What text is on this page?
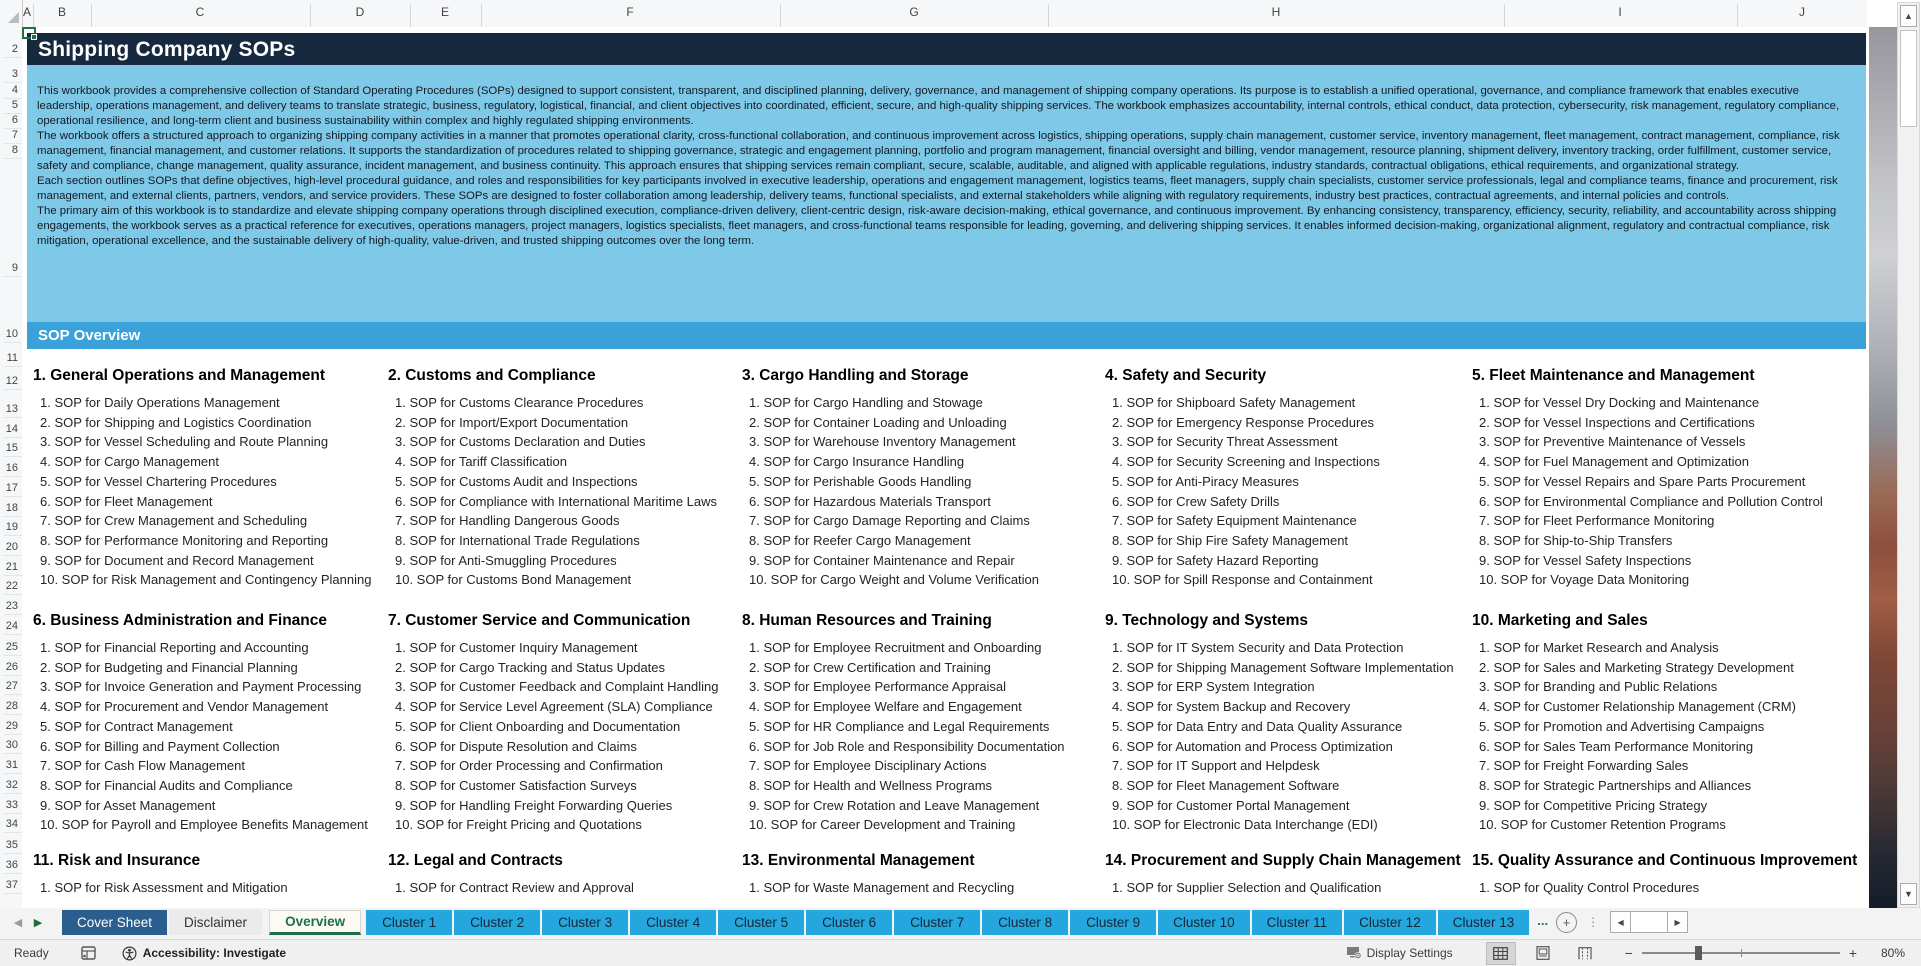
A B	C	D	E	F	G	H	I	J
2
3
4
5
6
7
8
9
10
11
12
13
14
15
16
17
18
19
20
21
22
23
24
25
26
27
28
29
30
31
32
33
34
35
36
37
Shipping Company SOPs

This workbook provides a comprehensive collection of Standard Operating Procedures (SOPs) designed to support consistent, transparent, and disciplined planning, delivery, governance, and management of shipping company operations. Its purpose is to establish a unified operational, governance, and compliance framework that enables executive leadership, operations management, and delivery teams to translate strategic, business, regulatory, logistical, financial, and client objectives into coordinated, efficient, secure, and high-quality shipping services. The workbook emphasizes accountability, internal controls, ethical conduct, data protection, cybersecurity, risk management, regulatory compliance, operational resilience, and long-term client and business sustainability within complex and highly regulated shipping environments.

The workbook offers a structured approach to organizing shipping company activities in a manner that promotes operational clarity, cross-functional collaboration, and continuous improvement across logistics, shipping operations, supply chain management, customer service, inventory management, fleet management, contract management, compliance, risk management, financial management, and customer relations. It supports the standardization of procedures related to shipping governance, strategic and engagement planning, portfolio and program management, financial oversight and billing, vendor management, resource planning, shipment delivery, inventory tracking, order fulfillment, customer service, safety and compliance, change management, quality assurance, incident management, and business continuity. This approach ensures that shipping services remain compliant, secure, scalable, auditable, and aligned with applicable regulations, industry standards, contractual obligations, ethical requirements, and organizational strategy.

Each section outlines SOPs that define objectives, high-level procedural guidance, and roles and responsibilities for key participants involved in executive leadership, operations and engagement management, logistics teams, fleet managers, supply chain specialists, customer service professionals, legal and compliance teams, finance and procurement, risk management, and external clients, partners, vendors, and service providers. These SOPs are designed to foster collaboration among leadership, delivery teams, functional specialists, and external stakeholders while aligning with regulatory requirements, industry best practices, contractual agreements, and internal policies and controls.

The primary aim of this workbook is to standardize and elevate shipping company operations through disciplined execution, compliance-driven delivery, client-centric design, risk-aware decision-making, ethical governance, and continuous improvement. By enhancing consistency, transparency, efficiency, security, reliability, and accountability across shipping engagements, the workbook serves as a practical reference for executives, operations managers, project managers, logistics specialists, fleet managers, and cross-functional teams responsible for leading, governing, and delivering shipping services. It enables informed decision-making, organizational alignment, regulatory and contractual compliance, risk mitigation, operational excellence, and the sustainable delivery of high-quality, value-driven, and trusted shipping outcomes over the long term.

SOP Overview
1. General Operations and Management
1. SOP for Daily Operations Management
2. SOP for Shipping and Logistics Coordination
3. SOP for Vessel Scheduling and Route Planning
4. SOP for Cargo Management
5. SOP for Vessel Chartering Procedures
6. SOP for Fleet Management
7. SOP for Crew Management and Scheduling
8. SOP for Performance Monitoring and Reporting
9. SOP for Document and Record Management
10. SOP for Risk Management and Contingency Planning
2. Customs and Compliance
1. SOP for Customs Clearance Procedures
2. SOP for Import/Export Documentation
3. SOP for Customs Declaration and Duties
4. SOP for Tariff Classification
5. SOP for Customs Audit and Inspections
6. SOP for Compliance with International Maritime Laws
7. SOP for Handling Dangerous Goods
8. SOP for International Trade Regulations
9. SOP for Anti-Smuggling Procedures
10. SOP for Customs Bond Management
3. Cargo Handling and Storage
1. SOP for Cargo Handling and Stowage
2. SOP for Container Loading and Unloading
3. SOP for Warehouse Inventory Management
4. SOP for Cargo Insurance Handling
5. SOP for Perishable Goods Handling
6. SOP for Hazardous Materials Transport
7. SOP for Cargo Damage Reporting and Claims
8. SOP for Reefer Cargo Management
9. SOP for Container Maintenance and Repair
10. SOP for Cargo Weight and Volume Verification
4. Safety and Security
1. SOP for Shipboard Safety Management
2. SOP for Emergency Response Procedures
3. SOP for Security Threat Assessment
4. SOP for Security Screening and Inspections
5. SOP for Anti-Piracy Measures
6. SOP for Crew Safety Drills
7. SOP for Safety Equipment Maintenance
8. SOP for Ship Fire Safety Management
9. SOP for Safety Hazard Reporting
10. SOP for Spill Response and Containment
5. Fleet Maintenance and Management
1. SOP for Vessel Dry Docking and Maintenance
2. SOP for Vessel Inspections and Certifications
3. SOP for Preventive Maintenance of Vessels
4. SOP for Fuel Management and Optimization
5. SOP for Vessel Repairs and Spare Parts Procurement
6. SOP for Environmental Compliance and Pollution Control
7. SOP for Fleet Performance Monitoring
8. SOP for Ship-to-Ship Transfers
9. SOP for Vessel Safety Inspections
10. SOP for Voyage Data Monitoring
6. Business Administration and Finance
1. SOP for Financial Reporting and Accounting
2. SOP for Budgeting and Financial Planning
3. SOP for Invoice Generation and Payment Processing
4. SOP for Procurement and Vendor Management
5. SOP for Contract Management
6. SOP for Billing and Payment Collection
7. SOP for Cash Flow Management
8. SOP for Financial Audits and Compliance
9. SOP for Asset Management
10. SOP for Payroll and Employee Benefits Management
7. Customer Service and Communication
1. SOP for Customer Inquiry Management
2. SOP for Cargo Tracking and Status Updates
3. SOP for Customer Feedback and Complaint Handling
4. SOP for Service Level Agreement (SLA) Compliance
5. SOP for Client Onboarding and Documentation
6. SOP for Dispute Resolution and Claims
7. SOP for Order Processing and Confirmation
8. SOP for Customer Satisfaction Surveys
9. SOP for Handling Freight Forwarding Queries
10. SOP for Freight Pricing and Quotations
8. Human Resources and Training
1. SOP for Employee Recruitment and Onboarding
2. SOP for Crew Certification and Training
3. SOP for Employee Performance Appraisal
4. SOP for Employee Welfare and Engagement
5. SOP for HR Compliance and Legal Requirements
6. SOP for Job Role and Responsibility Documentation
7. SOP for Employee Disciplinary Actions
8. SOP for Health and Wellness Programs
9. SOP for Crew Rotation and Leave Management
10. SOP for Career Development and Training
9. Technology and Systems
1. SOP for IT System Security and Data Protection
2. SOP for Shipping Management Software Implementation
3. SOP for ERP System Integration
4. SOP for System Backup and Recovery
5. SOP for Data Entry and Data Quality Assurance
6. SOP for Automation and Process Optimization
7. SOP for IT Support and Helpdesk
8. SOP for Fleet Management Software
9. SOP for Customer Portal Management
10. SOP for Electronic Data Interchange (EDI)
10. Marketing and Sales
1. SOP for Market Research and Analysis
2. SOP for Sales and Marketing Strategy Development
3. SOP for Branding and Public Relations
4. SOP for Customer Relationship Management (CRM)
5. SOP for Promotion and Advertising Campaigns
6. SOP for Sales Team Performance Monitoring
7. SOP for Freight Forwarding Sales
8. SOP for Strategic Partnerships and Alliances
9. SOP for Competitive Pricing Strategy
10. SOP for Customer Retention Programs
11. Risk and Insurance
1. SOP for Risk Assessment and Mitigation
12. Legal and Contracts
1. SOP for Contract Review and Approval
13. Environmental Management
1. SOP for Waste Management and Recycling
14. Procurement and Supply Chain Management
1. SOP for Supplier Selection and Qualification
15. Quality Assurance and Continuous Improvement
1. SOP for Quality Control Procedures
▲
▼
◀	▶	Cover Sheet	Disclaimer	Overview	Cluster 1	Cluster 2	Cluster 3	Cluster 4	Cluster 5	Cluster 6	Cluster 7	Cluster 8	Cluster 9	Cluster 10	Cluster 11	Cluster 12	Cluster 13	...	+	⋮ ◀	▶
Ready	Accessibility: Investigate	Display Settings	−	+	80%
